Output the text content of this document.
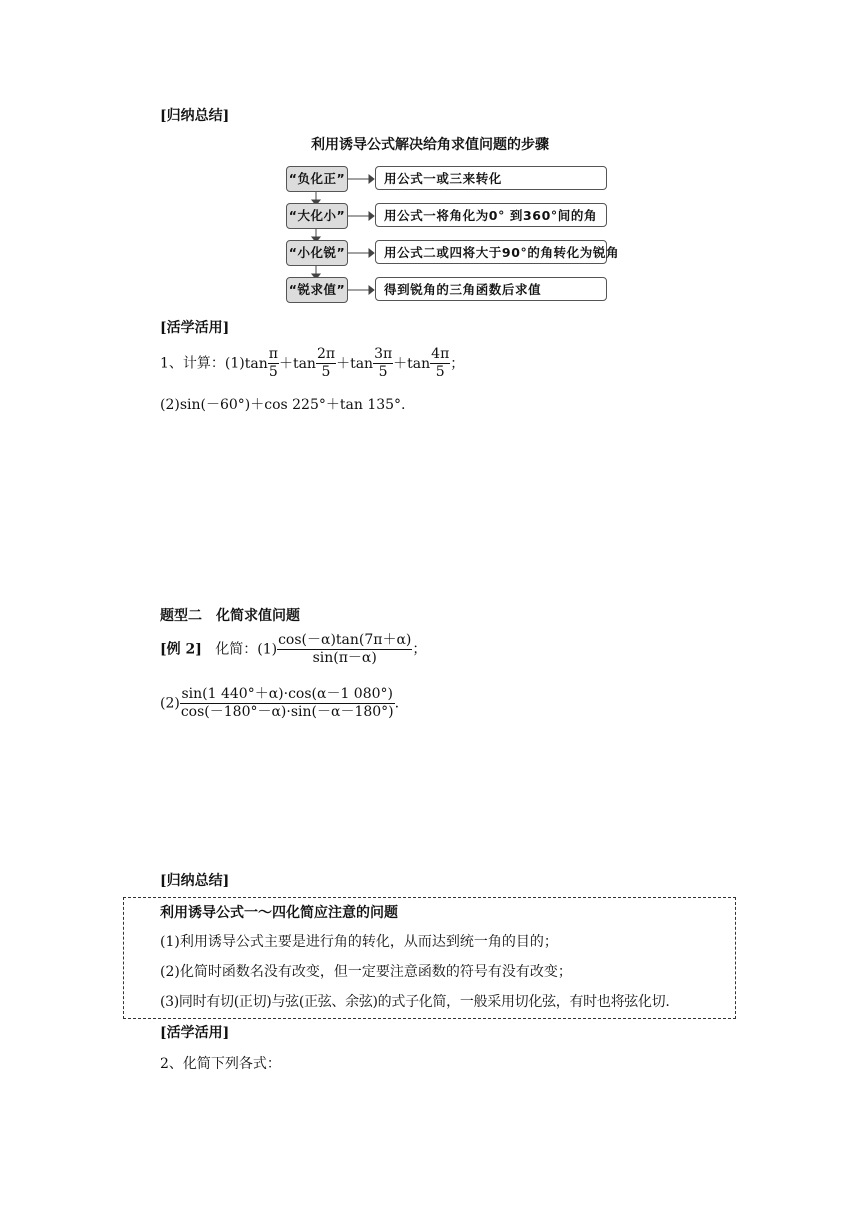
[归纳总结]
利用诱导公式解决给角求值问题的步骤
“负化正”	用公式一或三来转化
“大化小”	用公式一将角化为0° 到360°间的角
“小化锐”	用公式二或四将大于90°的角转化为锐角
“锐求值”	得到锐角的三角函数后求值
[活学活用]
1、计算：$(1)\tan \frac{\pi}{5} +\tan \frac{2\pi}{5} +\tan \frac{3\pi}{5} +\tan \frac{4\pi}{5}$ ；
(2)sin(－60°)＋cos 225°＋tan 135°.
题型二　化简求值问题
[例 2] 化简：$(1) \frac{\cos(-\alpha)\tan(7\pi+\alpha)}{\sin(\pi-\alpha)}$ ；
$(2) \frac{\sin(1 440^\circ+\alpha)\cdot\cos(\alpha-1 080^\circ)}{\cos(-180^\circ-\alpha)\cdot\sin(-\alpha-180^\circ)}$ .
[归纳总结]
利用诱导公式一～四化简应注意的问题
(1)利用诱导公式主要是进行角的转化，从而达到统一角的目的；
(2)化简时函数名没有改变，但一定要注意函数的符号有没有改变；
(3)同时有切(正切)与弦(正弦、余弦)的式子化简，一般采用切化弦，有时也将弦化切.
[活学活用]
2、化简下列各式：
